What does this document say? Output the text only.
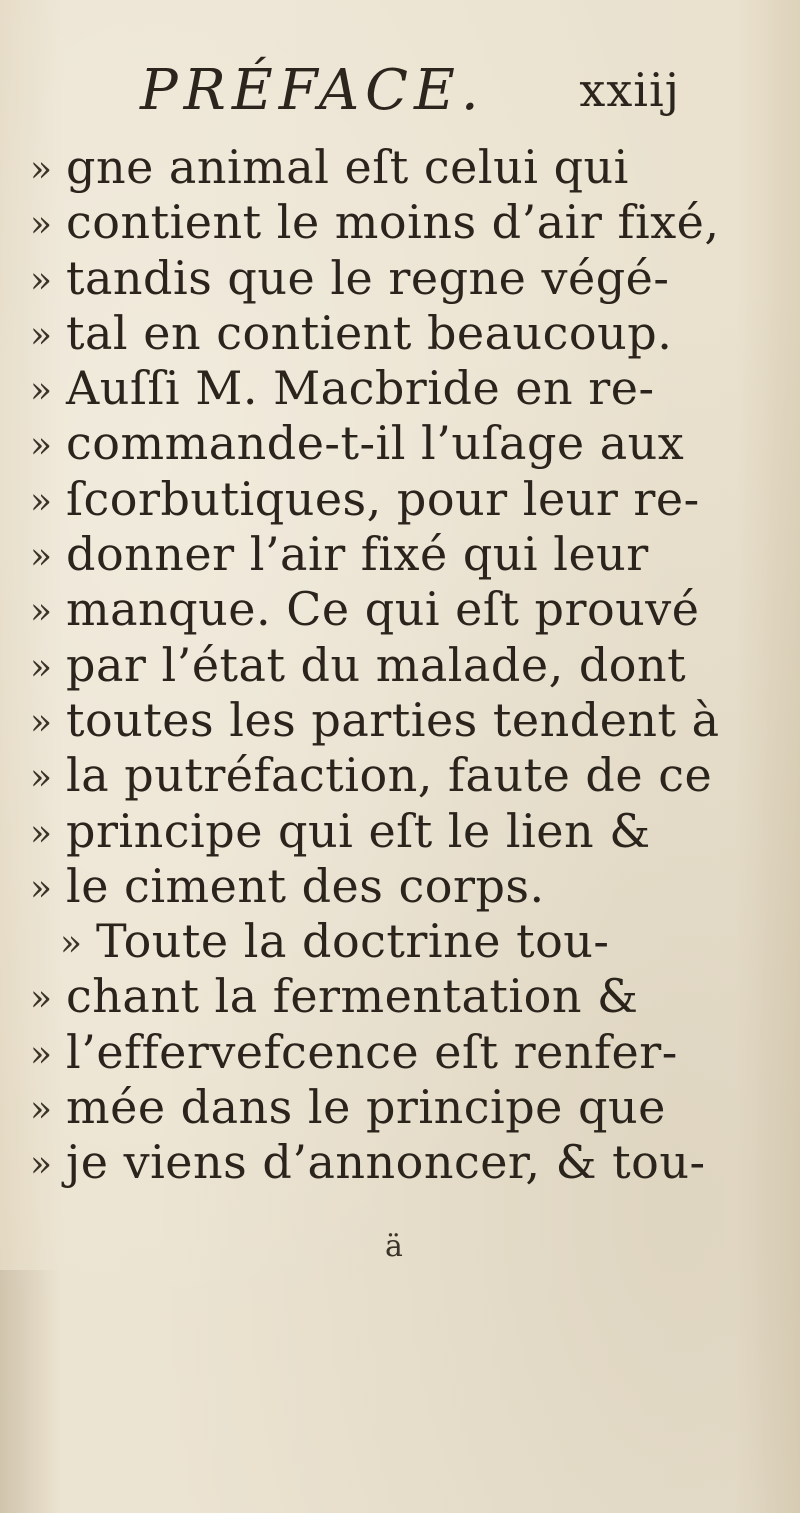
PRÉFACE. xxiij
» gne animal eſt celui qui
» contient le moins d’air fixé,
» tandis que le regne végé-
» tal en contient beaucoup.
» Auſſi M. Macbride en re-
» commande-t-il l’uſage aux
» ſcorbutiques, pour leur re-
» donner l’air fixé qui leur
» manque. Ce qui eſt prouvé
» par l’état du malade, dont
» toutes les parties tendent à
» la putréfaction, faute de ce
» principe qui eſt le lien &
» le ciment des corps.
» Toute la doctrine tou-
» chant la fermentation &
» l’effervefcence eſt renfer-
» mée dans le principe que
» je viens d’annoncer, & tou-
ä
